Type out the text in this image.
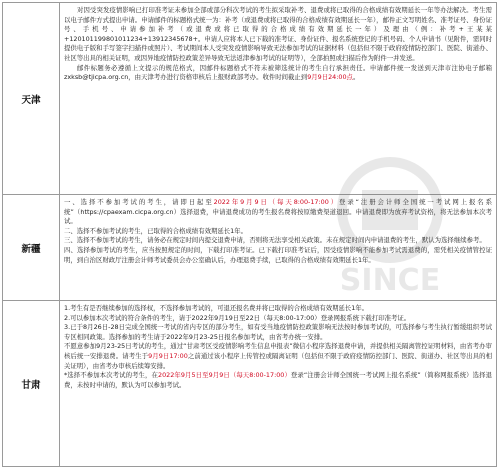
天津

对因受突发疫情影响已打印准考证未参加全部或部分科次考试的考生拟采取补考、退费或将已取得的合格成绩有效期延长一年等办法解决。考生需以电子邮件方式提出申请。申请邮件的标题格式统一为：补考（或退费或将已取得的合格成绩有效期延长一年），邮件正文写明姓名、准考证号、身份证号、手机号、申请参加补考（或退费或将已取得的合格成绩有效期延长一年）及理由（例：补考+王某某+120101199801011234+13912345678+。申请人应将本人已下载的准考证、身份证件、报名系统登记的手机号码、个人申请书（见附件，需同时提供电子版和手写签字扫描件或照片）、考试期间本人受突发疫情影响导致无法参加考试的证据材料（包括但不限于政府疫情防控部门、医院、街道办、社区等出具的相关证明，或因异地疫情防控政策差异导致无法返津参加考试的证明等），全部拍照或扫描后作为附件一并发送。

邮件标题务必遵循上文提示的规范格式，因邮件标题格式不符未被筛选统计的考生自行承担责任。申请邮件统一发送到天津市注协电子邮箱zxksb@tjicpa.org.cn，由天津考办进行资格审核后上报财政部考办。收件时间截止到9月9日24:00点。

新疆

一、选择不参加考试的考生，请即日起至2022年9月9日（每天8:00-17:00）登录“注册会计师全国统一考试网上报名系统”（https://cpaexam.cicpa.org.cn）选择退费，申请退费成功的考生报名费将按原缴费渠道退回。申请退费即为放弃考试资格，将无法参加本次考试。

二、选择不参加考试的考生，已取得的合格成绩有效期延长1年。

三、选择不参加考试的考生，请务必在规定时间内提交退费申请，否则将无法享受相关政策。未在规定时间内申请退费的考生，默认为选择继续参考。

四、选择参加考试的考生，应当按照规定的时间，下载打印准考证。已下载打印准考证后，因受疫情影响不能参加考试需退费的，需凭相关疫情管控证明，到自治区财政厅注册会计师考试委员会办公室确认后，办理退费手续，已取得的合格成绩有效期延长1年。

甘肃

1.考生有是否继续参加的选择权，不选择参加考试的，可退还报名费并将已取得的合格成绩有效期延长1年。

2.可以参加本次考试的符合条件的考生，请于2022年9月19日至22日（每天8:00-17:00）登录网报系统下载打印准考证。

3.已于8月26日-28日完成全国统一考试的省内专区的部分考生，如有受当地疫情防控政策影响无法按时参加考试的，可选择参与考生执行暂缓组织考试专区相同政策。选择参加的考生请于2022年9月23-25日报名参加考试，由省考办统一安排。

不愿意参加9月23-25日考试的考生，通过“甘肃考区受疫情影响考生信息申报表”微信小程序选择退费申请，并提供相关隔离管控证明材料，由省考办审核后统一安排退费。请考生于9月9日17:00之前通过该小程序上传管控或隔离证明（包括但不限于政府疫情防控部门、医院、街道办、社区等出具的相关证明），由省考办审核后续筹安排。

*选择不参加本次考试的考生，在2022年9月5日至9月9日（每天8:00-17:00）登录“注册会计师全国统一考试网上报名系统”（简称网报系统）选择退费，未按时申请的，默认为可以参加考试。

SINCE
